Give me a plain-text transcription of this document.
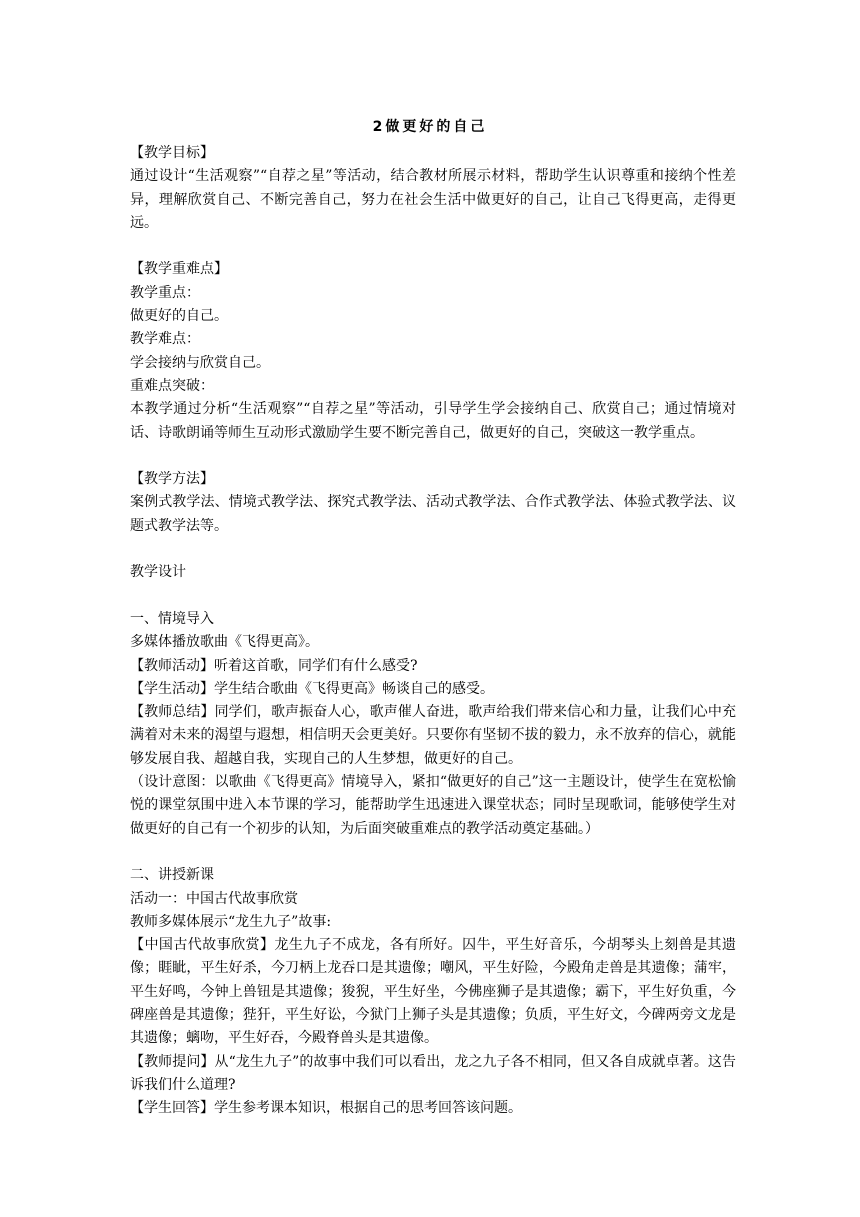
2做更好的自己

【教学目标】

通过设计“生活观察”“自荐之星”等活动，结合教材所展示材料，帮助学生认识尊重和接纳个性差异，理解欣赏自己、不断完善自己，努力在社会生活中做更好的自己，让自己飞得更高，走得更远。

【教学重难点】

教学重点：

做更好的自己。

教学难点：

学会接纳与欣赏自己。

重难点突破：

本教学通过分析“生活观察”“自荐之星”等活动，引导学生学会接纳自己、欣赏自己；通过情境对话、诗歌朗诵等师生互动形式激励学生要不断完善自己，做更好的自己，突破这一教学重点。

【教学方法】

案例式教学法、情境式教学法、探究式教学法、活动式教学法、合作式教学法、体验式教学法、议题式教学法等。

教学设计

一、情境导入

多媒体播放歌曲《飞得更高》。

【教师活动】听着这首歌，同学们有什么感受?

【学生活动】学生结合歌曲《飞得更高》畅谈自己的感受。

【教师总结】同学们，歌声振奋人心，歌声催人奋进，歌声给我们带来信心和力量，让我们心中充满着对未来的渴望与遐想，相信明天会更美好。只要你有坚韧不拔的毅力，永不放弃的信心，就能够发展自我、超越自我，实现自己的人生梦想，做更好的自己。

（设计意图：以歌曲《飞得更高》情境导入，紧扣“做更好的自己”这一主题设计，使学生在宽松愉悦的课堂氛围中进入本节课的学习，能帮助学生迅速进入课堂状态；同时呈现歌词，能够使学生对做更好的自己有一个初步的认知，为后面突破重难点的教学活动奠定基础。）

二、讲授新课

活动一：中国古代故事欣赏

教师多媒体展示“龙生九子”故事:

【中国古代故事欣赏】龙生九子不成龙，各有所好。囚牛，平生好音乐，今胡琴头上刻兽是其遗像；睚眦，平生好杀，今刀柄上龙吞口是其遗像；嘲风，平生好险，今殿角走兽是其遗像；蒲牢，平生好鸣，今钟上兽钮是其遗像；狻猊，平生好坐，今佛座狮子是其遗像；霸下，平生好负重，今碑座兽是其遗像；狴犴，平生好讼，今狱门上狮子头是其遗像；负质，平生好文，今碑两旁文龙是其遗像；螭吻，平生好吞，今殿脊兽头是其遗像。

【教师提问】从“龙生九子”的故事中我们可以看出，龙之九子各不相同，但又各自成就卓著。这告诉我们什么道理?

【学生回答】学生参考课本知识，根据自己的思考回答该问题。
